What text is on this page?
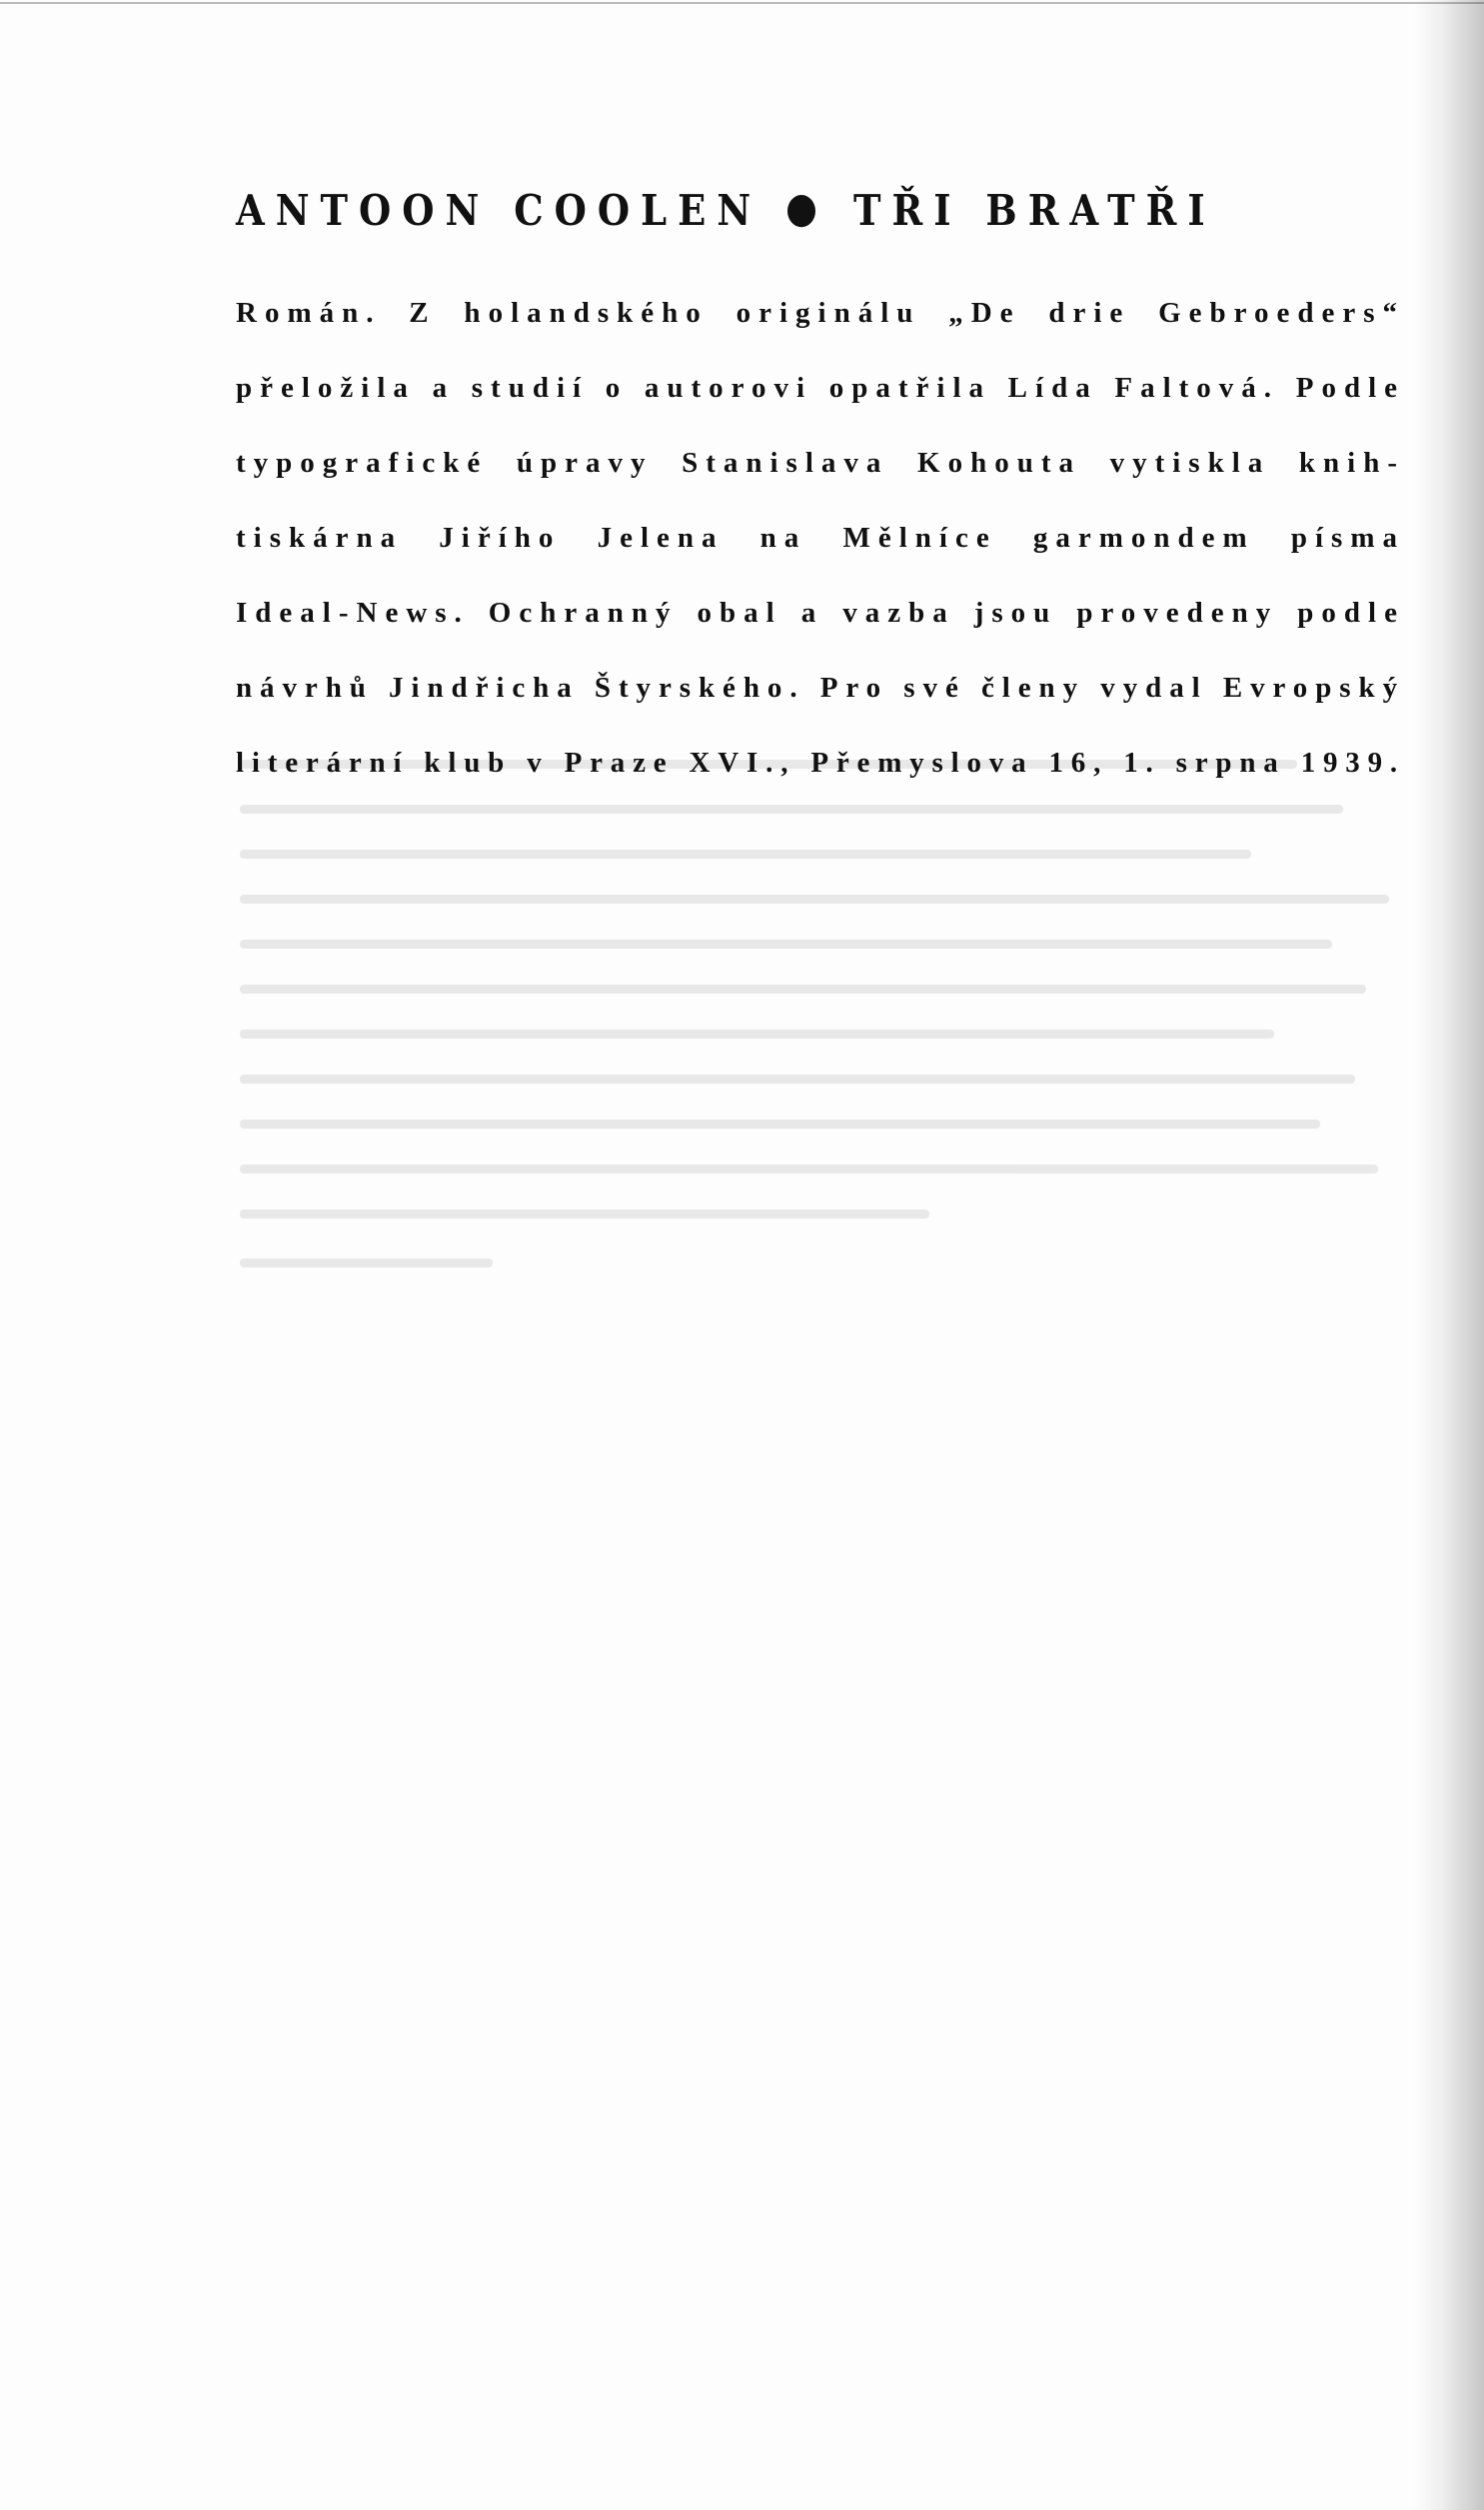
ANTOON COOLEN TŘI BRATŘI
Román. Z holandského originálu „De drie Gebroeders“
přeložila a studií o autorovi opatřila Lída Faltová. Podle
typografické úpravy Stanislava Kohouta vytiskla knih-
tiskárna Jiřího Jelena na Mělníce garmondem písma
Ideal-News. Ochranný obal a vazba jsou provedeny podle
návrhů Jindřicha Štyrského. Pro své členy vydal Evropský
literární klub v Praze XVI., Přemyslova 16, 1. srpna 1939.
